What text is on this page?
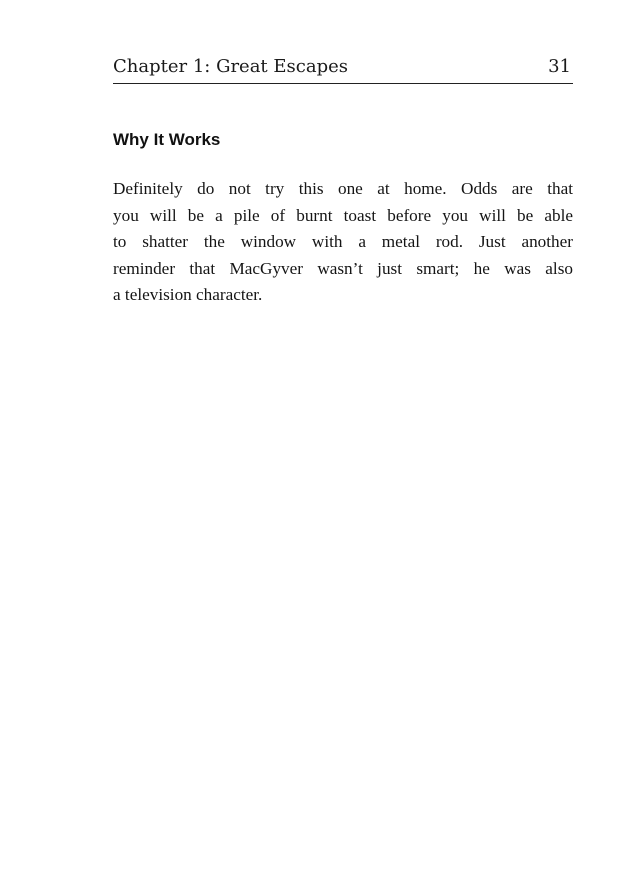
Chapter 1: Great Escapes	31
Why It Works
Definitely do not try this one at home. Odds are that
you will be a pile of burnt toast before you will be able
to shatter the window with a metal rod. Just another
reminder that MacGyver wasn’t just smart; he was also
a television character.
